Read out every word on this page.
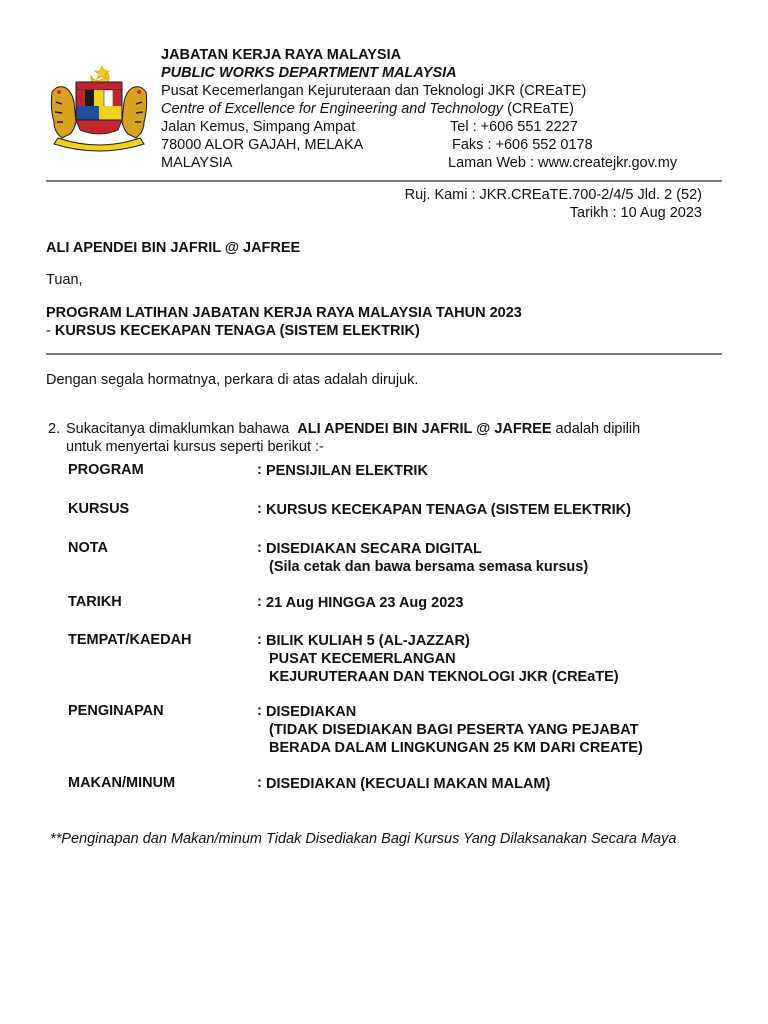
JABATAN KERJA RAYA MALAYSIA
PUBLIC WORKS DEPARTMENT MALAYSIA
Pusat Kecemerlangan Kejuruteraan dan Teknologi JKR (CREaTE)
Centre of Excellence for Engineering and Technology (CREaTE)
Jalan Kemus, Simpang Ampat
78000 ALOR GAJAH, MELAKA
MALAYSIA
Tel : +606 551 2227
Faks : +606 552 0178
Laman Web : www.createjkr.gov.my
Ruj. Kami : JKR.CREaTE.700-2/4/5 Jld. 2 (52)
Tarikh : 10 Aug 2023
ALI APENDEI BIN JAFRIL @ JAFREE
Tuan,
PROGRAM LATIHAN JABATAN KERJA RAYA MALAYSIA TAHUN 2023
- KURSUS KECEKAPAN TENAGA (SISTEM ELEKTRIK)
Dengan segala hormatnya, perkara di atas adalah dirujuk.
2. Sukacitanya dimaklumkan bahawa ALI APENDEI BIN JAFRIL @ JAFREE adalah dipilih
untuk menyertai kursus seperti berikut :-
PROGRAM	: PENSIJILAN ELEKTRIK
KURSUS	: KURSUS KECEKAPAN TENAGA (SISTEM ELEKTRIK)
NOTA	: DISEDIAKAN SECARA DIGITAL
(Sila cetak dan bawa bersama semasa kursus)
TARIKH	: 21 Aug HINGGA 23 Aug 2023
TEMPAT/KAEDAH	: BILIK KULIAH 5 (AL-JAZZAR)
PUSAT KECEMERLANGAN
KEJURUTERAAN DAN TEKNOLOGI JKR (CREaTE)
PENGINAPAN	: DISEDIAKAN
(TIDAK DISEDIAKAN BAGI PESERTA YANG PEJABAT
BERADA DALAM LINGKUNGAN 25 KM DARI CREATE)
MAKAN/MINUM	: DISEDIAKAN (KECUALI MAKAN MALAM)
**Penginapan dan Makan/minum Tidak Disediakan Bagi Kursus Yang Dilaksanakan Secara Maya
